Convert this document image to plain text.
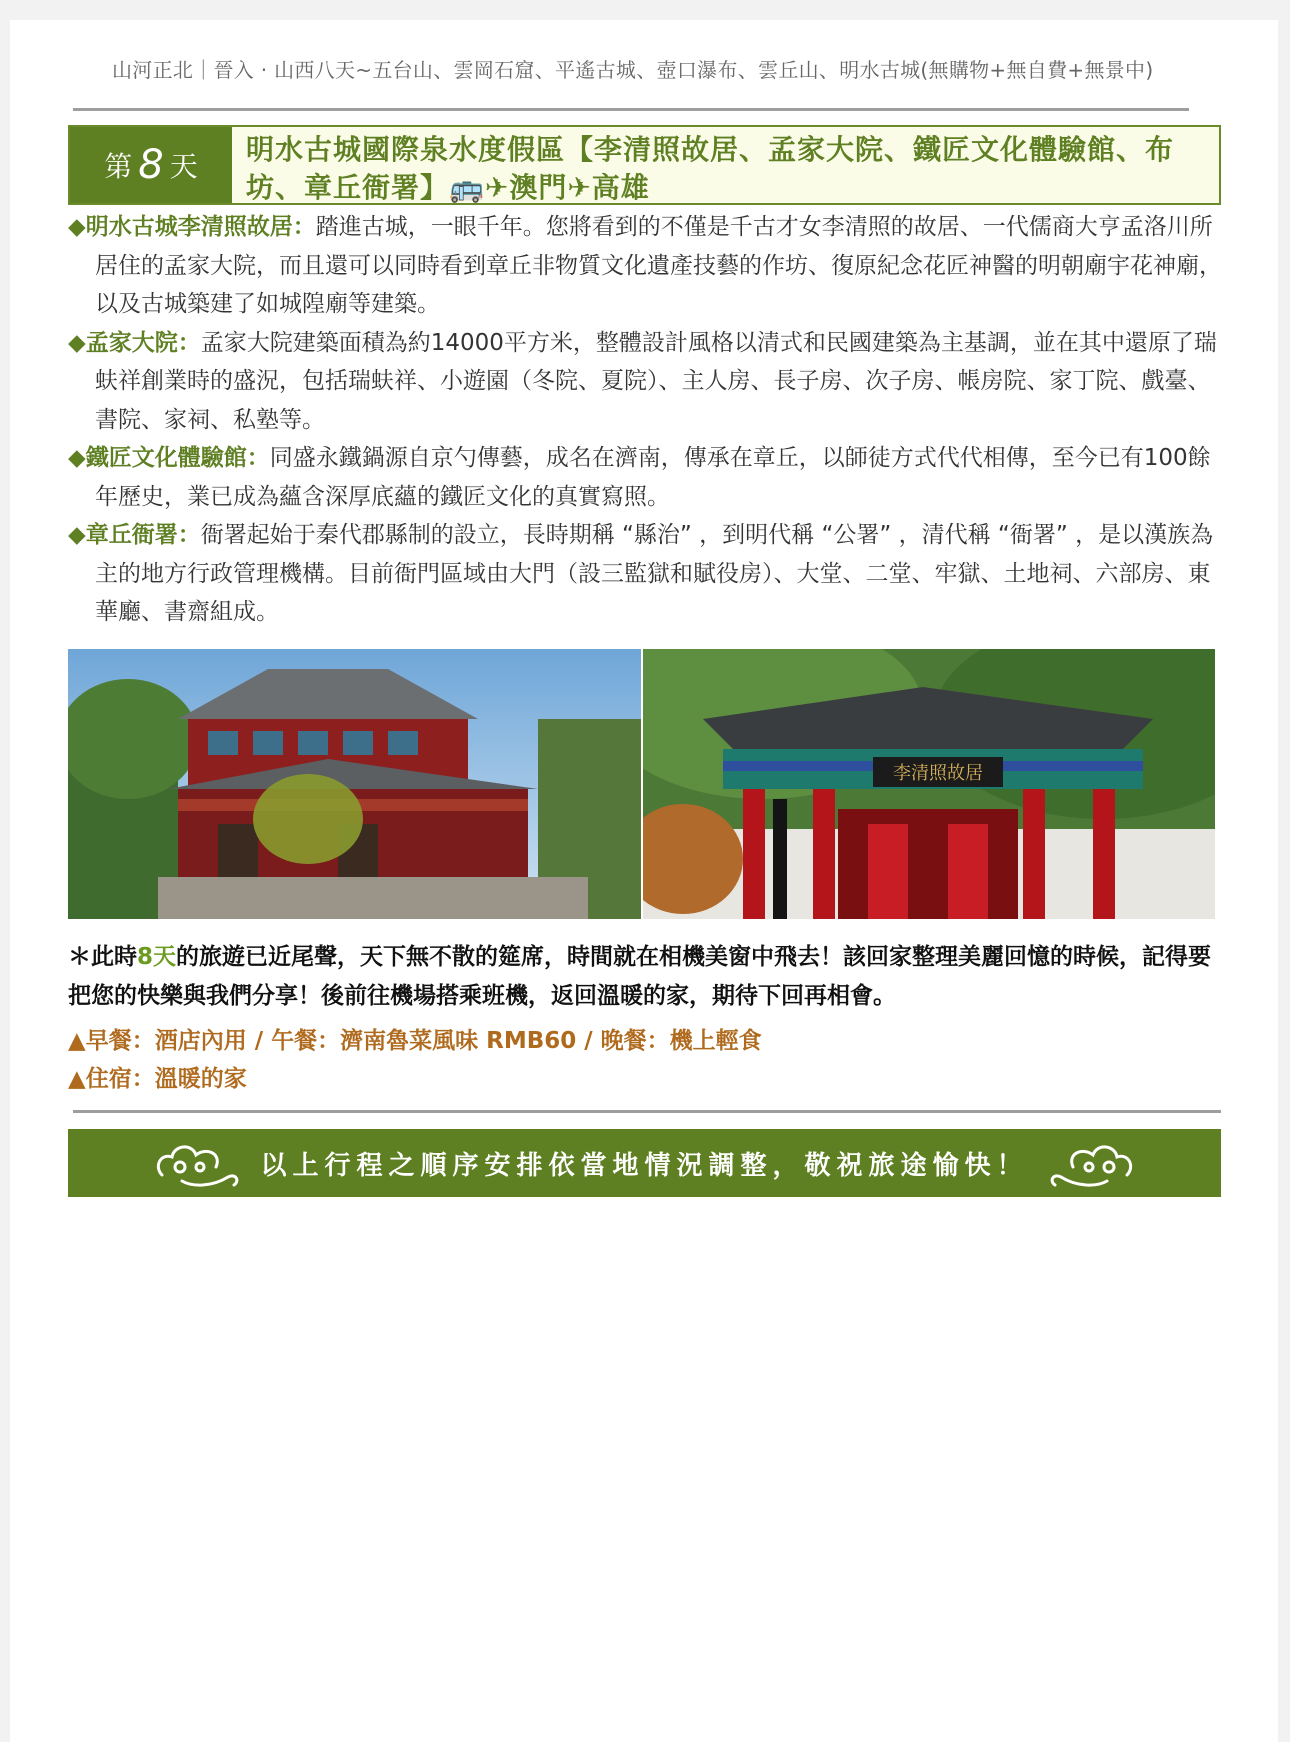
山河正北｜晉入 · 山西八天~五台山、雲岡石窟、平遙古城、壺口瀑布、雲丘山、明水古城(無購物+無自費+無景中)
第 8 天
明水古城國際泉水度假區【李清照故居、孟家大院、鐵匠文化體驗館、布
坊、章丘衙署】🚌✈澳門✈高雄

◆明水古城李清照故居：踏進古城，一眼千年。您將看到的不僅是千古才女李清照的故居、一代儒商大亨孟洛川所居住的孟家大院，而且還可以同時看到章丘非物質文化遺產技藝的作坊、復原紀念花匠神醫的明朝廟宇花神廟，以及古城築建了如城隍廟等建築。

◆孟家大院：孟家大院建築面積為約14000平方米，整體設計風格以清式和民國建築為主基調，並在其中還原了瑞蚨祥創業時的盛況，包括瑞蚨祥、小遊園（冬院、夏院）、主人房、長子房、次子房、帳房院、家丁院、戲臺、書院、家祠、私塾等。

◆鐵匠文化體驗館：同盛永鐵鍋源自京勺傳藝，成名在濟南，傳承在章丘，以師徒方式代代相傳，至今已有100餘年歷史，業已成為蘊含深厚底蘊的鐵匠文化的真實寫照。

◆章丘衙署：衙署起始于秦代郡縣制的設立，長時期稱 “縣治” ，到明代稱 “公署” ，清代稱 “衙署” ，是以漢族為主的地方行政管理機構。目前衙門區域由大門（設三監獄和賦役房）、大堂、二堂、牢獄、土地祠、六部房、東華廳、書齋組成。

李清照故居
＊此時8天的旅遊已近尾聲，天下無不散的筵席，時間就在相機美窗中飛去！該回家整理美麗回憶的時候，記得要把您的快樂與我們分享！後前往機場搭乘班機，返回溫暖的家，期待下回再相會。
▲早餐：酒店內用 / 午餐：濟南魯菜風味 RMB60 / 晚餐：機上輕食
▲住宿：溫暖的家
以上行程之順序安排依當地情況調整，敬祝旅途愉快！
